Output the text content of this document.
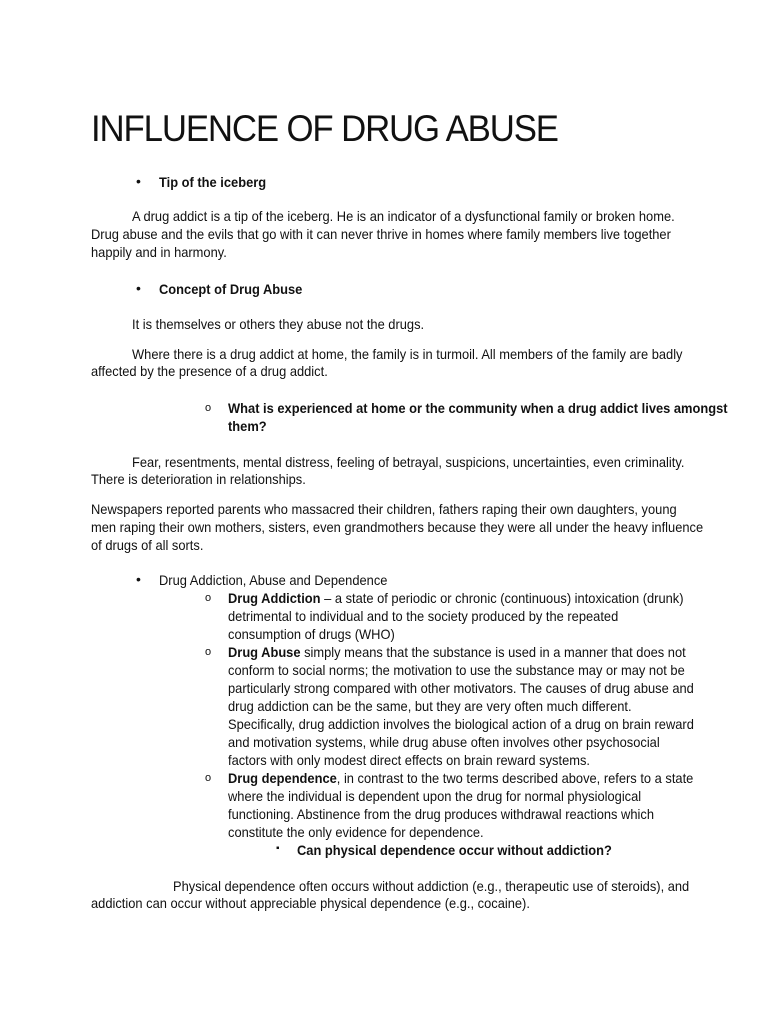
INFLUENCE OF DRUG ABUSE
• Tip of the iceberg
A drug addict is a tip of the iceberg. He is an indicator of a dysfunctional family or broken home.
Drug abuse and the evils that go with it can never thrive in homes where family members live together
happily and in harmony.
• Concept of Drug Abuse
It is themselves or others they abuse not the drugs.
Where there is a drug addict at home, the family is in turmoil. All members of the family are badly
affected by the presence of a drug addict.
o What is experienced at home or the community when a drug addict lives amongst
them?
Fear, resentments, mental distress, feeling of betrayal, suspicions, uncertainties, even criminality.
There is deterioration in relationships.
Newspapers reported parents who massacred their children, fathers raping their own daughters, young
men raping their own mothers, sisters, even grandmothers because they were all under the heavy influence
of drugs of all sorts.
• Drug Addiction, Abuse and Dependence
o Drug Addiction – a state of periodic or chronic (continuous) intoxication (drunk)
detrimental to individual and to the society produced by the repeated
consumption of drugs (WHO)
o Drug Abuse simply means that the substance is used in a manner that does not
conform to social norms; the motivation to use the substance may or may not be
particularly strong compared with other motivators. The causes of drug abuse and
drug addiction can be the same, but they are very often much different.
Specifically, drug addiction involves the biological action of a drug on brain reward
and motivation systems, while drug abuse often involves other psychosocial
factors with only modest direct effects on brain reward systems.
o Drug dependence, in contrast to the two terms described above, refers to a state
where the individual is dependent upon the drug for normal physiological
functioning. Abstinence from the drug produces withdrawal reactions which
constitute the only evidence for dependence.
▪ Can physical dependence occur without addiction?
Physical dependence often occurs without addiction (e.g., therapeutic use of steroids), and
addiction can occur without appreciable physical dependence (e.g., cocaine).
